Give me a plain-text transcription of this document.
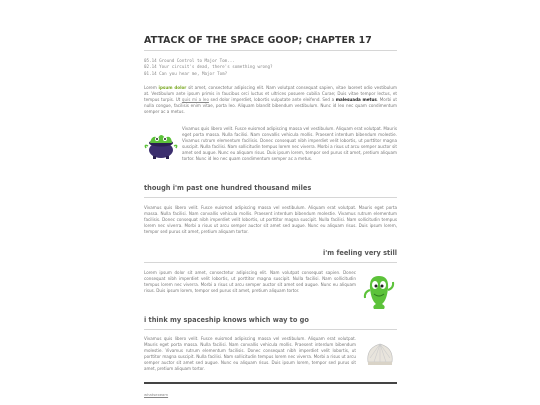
ATTACK OF THE SPACE GOOP; CHAPTER 17
05.14 Ground Control to Major Tom...
02.14 Your circuit's dead, there's something wrong?
01.14 Can you hear me, Major Tom?
Lorem ipsum dolor sit amet, consectetur adipiscing elit. Nam volutpat consequat sapien, vitae laoreet odio vestibulum at. Vestibulum ante ipsum primis in faucibus orci luctus et ultrices posuere cubilia Curae; Duis vitae tempor lectus, et tempus turpis. Ut quis mi a leo sed dolor imperdiet, lobortis vulputate ante eleifend. Sed a malesuada metus. Morbi ut nulla congue, facilisis enim vitae, porta leo. Aliquam blandit bibendum vestibulum. Nunc id leo nec quam condimentum semper ac a metus.
Vivamus quis libero velit. Fusce euismod adipiscing massa vel vestibulum. Aliquam erat volutpat. Mauris eget porta massa. Nulla facilisi. Nam convallis vehicula mollis. Praesent interdum bibendum molestie. Vivamus rutrum elementum facilisis. Donec consequat nibh imperdiet velit lobortis, ut porttitor magna suscipit. Nulla facilisi. Nam sollicitudin tempus lorem nec viverra. Morbi a risus ut arcu semper auctor sit amet sed augue. Nunc eu aliquam risus. Duis ipsum lorem, tempor sed purus sit amet, pretium aliquam tortor. Nunc id leo nec quam condimentum semper ac a metus.
though i'm past one hundred thousand miles
Vivamus quis libero velit. Fusce euismod adipiscing massa vel vestibulum. Aliquam erat volutpat. Mauris eget porta massa. Nulla facilisi. Nam convallis vehicula mollis. Praesent interdum bibendum molestie. Vivamus rutrum elementum facilisis. Donec consequat nibh imperdiet velit lobortis, ut porttitor magna suscipit. Nulla facilisi. Nam sollicitudin tempus lorem nec viverra. Morbi a risus ut arcu semper auctor sit amet sed augue. Nunc eu aliquam risus. Duis ipsum lorem, tempor sed purus sit amet, pretium aliquam tortor.
i'm feeling very still
Lorem ipsum dolor sit amet, consectetur adipiscing elit. Nam volutpat consequat sapien. Donec consequat nibh imperdiet velit lobortis, ut porttitor magna suscipit. Nulla facilisi. Nam sollicitudin tempus lorem nec viverra. Morbi a risus ut arcu semper auctor sit amet sed augue. Nunc eu aliquam risus. Duis ipsum lorem, tempor sed purus sit amet, pretium aliquam tortor.
i think my spaceship knows which way to go
Vivamus quis libero velit. Fusce euismod adipiscing massa vel vestibulum. Aliquam erat volutpat. Mauris eget porta massa. Nulla facilisi. Nam convallis vehicula mollis. Praesent interdum bibendum molestie. Vivamus rutrum elementum facilisis. Donec consequat nibh imperdiet velit lobortis, ut porttitor magna suscipit. Nulla facilisi. Nam sollicitudin tempus lorem nec viverra. Morbi a risus ut arcu semper auctor sit amet sed augue. Nunc eu aliquam risus. Duis ipsum lorem, tempor sed purus sit amet, pretium aliquam tortor.
whatsexeam
